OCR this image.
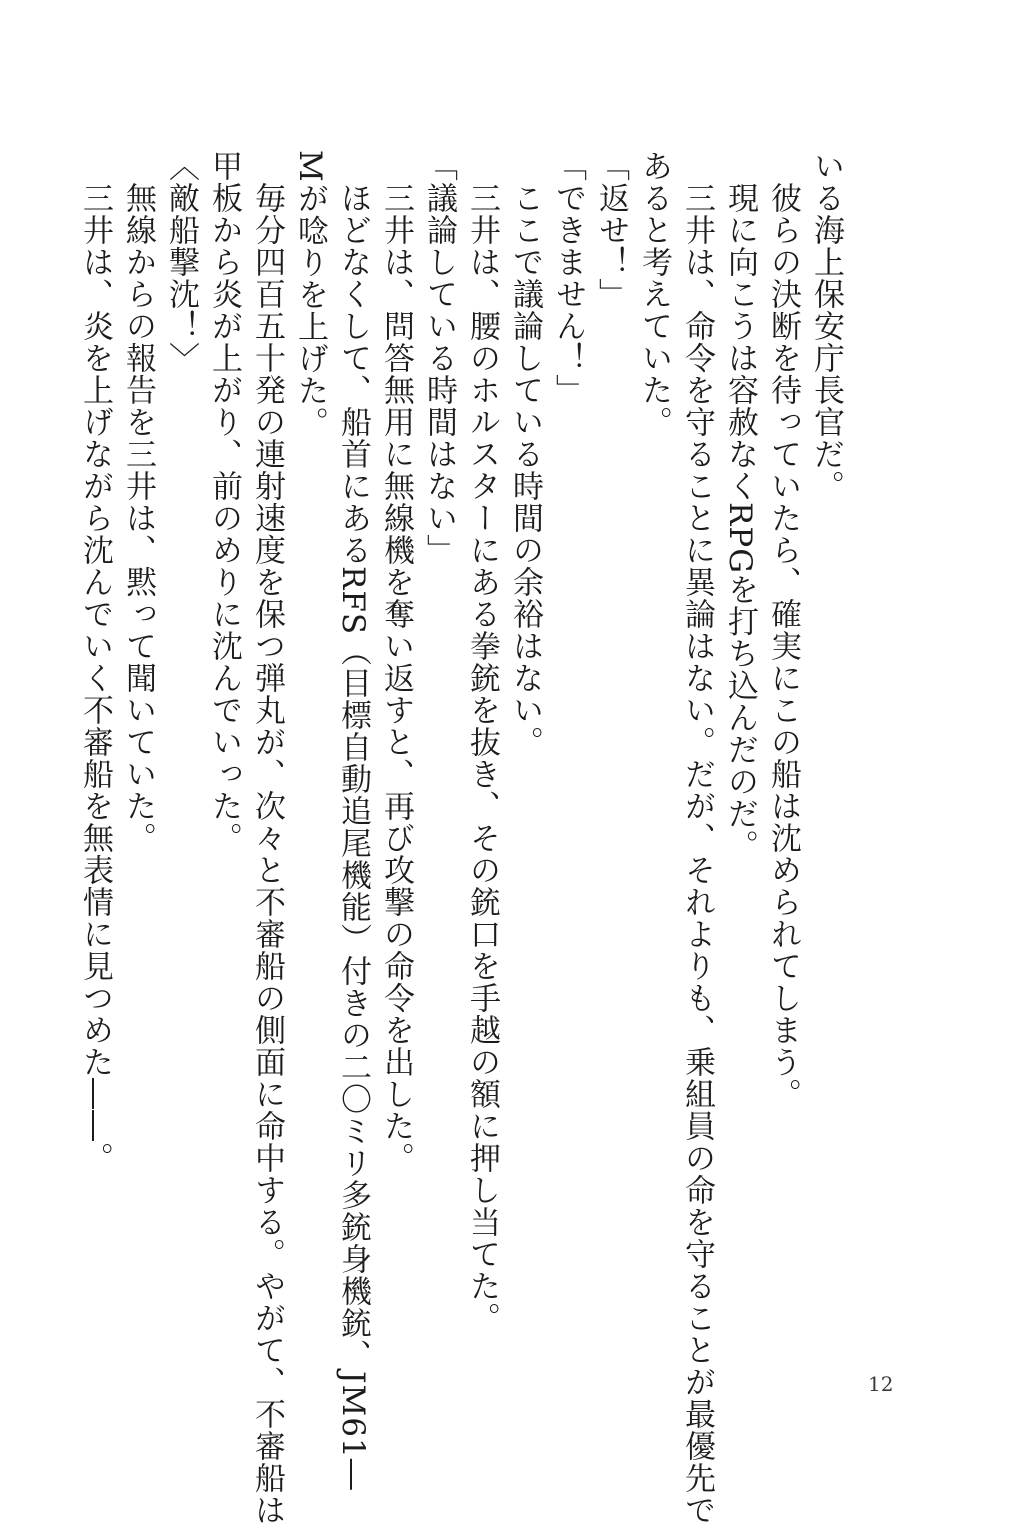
いる海上保安庁長官だ。
彼らの決断を待っていたら、確実にこの船は沈められてしまう。
現に向こうは容赦なくRPGを打ち込んだのだ。
三井は、命令を守ることに異論はない。だが、それよりも、乗組員の命を守ることが最優先で
あると考えていた。
「返せ！」
「できません！」
ここで議論している時間の余裕はない。
三井は、腰のホルスターにある拳銃を抜き、その銃口を手越の額に押し当てた。
「議論している時間はない」
三井は、問答無用に無線機を奪い返すと、再び攻撃の命令を出した。
ほどなくして、船首にあるRFS（目標自動追尾機能）付きの二〇ミリ多銃身機銃、JM61―
Mが唸りを上げた。
毎分四百五十発の連射速度を保つ弾丸が、次々と不審船の側面に命中する。やがて、不審船は
甲板から炎が上がり、前のめりに沈んでいった。
〈敵船撃沈！〉
無線からの報告を三井は、黙って聞いていた。
三井は、炎を上げながら沈んでいく不審船を無表情に見つめた――。
12
